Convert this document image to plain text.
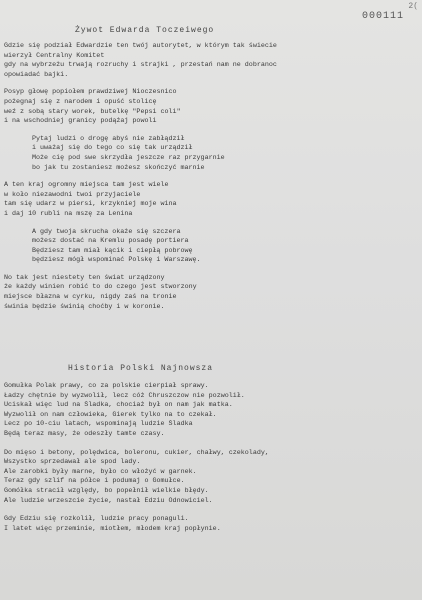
2(
000111
Żywot Edwarda Toczeiwego
Gdzie się podział Edwardzie ten twój autorytet, w którym tak świecie
wierzył Centralny Komitet
gdy na wybrzeżu trwają rozruchy i strajki , przestań nam ne dobranoc
opowiadać bajki.
Posyp głowę popiołem prawdziwej Nioczesnico
pożegnaj się z narodem i opuść stolicę
weź z sobą stary worek, butelkę "Pepsi coli"
i na wschodniej granicy podążaj powoli
Pytaj ludzi o drogę abyś nie zabłądził
i uważaj się do tego co się tak urządził
Może cię pod swe skrzydła jeszcze raz przygarnie
bo jak tu zostaniesz możesz skończyć marnie
A ten kraj ogromny miejsca tam jest wiele
w koło niezawodni twoi przyjaciele
tam się udarz w piersi, krzykniej moje wina
i daj 10 rubli na mszę za Lenina
A gdy twoja skrucha okaże się szczera
możesz dostać na Kremlu posadę portiera
Będziesz tam miał kącik i ciepłą pobrowę
będziesz mógł wspominać Polskę i Warszawę.
No tak jest niestety ten świat urządzony
że każdy winien robić to do czego jest stworzony
miejsce błazna w cyrku, nigdy zaś na tronie
świnia będzie świnią choćby i w koronie.
Historia Polski Najnowsza
Gomułka Polak prawy, co za polskie cierpiał sprawy.
Ładzy chętnie by wyzwolił, lecz cóż Chruszczow nie pozwolił.
Uciskał więc lud na Śladka, chociaż był on nam jak matka.
Wyzwolił on nam człowieka, Gierek tylko na to czekał.
Lecz po 10-ciu latach, wspominają ludzie Śladka
Będą teraz masy, że odeszły tamte czasy.
Do mięso i betony, polędwica, boleronu, cukier, chałwy, czekolady,
Wszystko sprzedawał ale spod lady.
Ale zarobki były marne, było co włożyć w garnek.
Teraz gdy szlif na półce i podumaj o Gomułce.
Gomółka stracił względy, bo popełnił wielkie błędy.
Ale ludzie wrzeszcie życie, nastał Edziu Odnowiciel.
Gdy Edziu się rozkolił, ludzie pracy ponaguli.
I latet więc przeminie, miotłem, młodem kraj popłynie.
